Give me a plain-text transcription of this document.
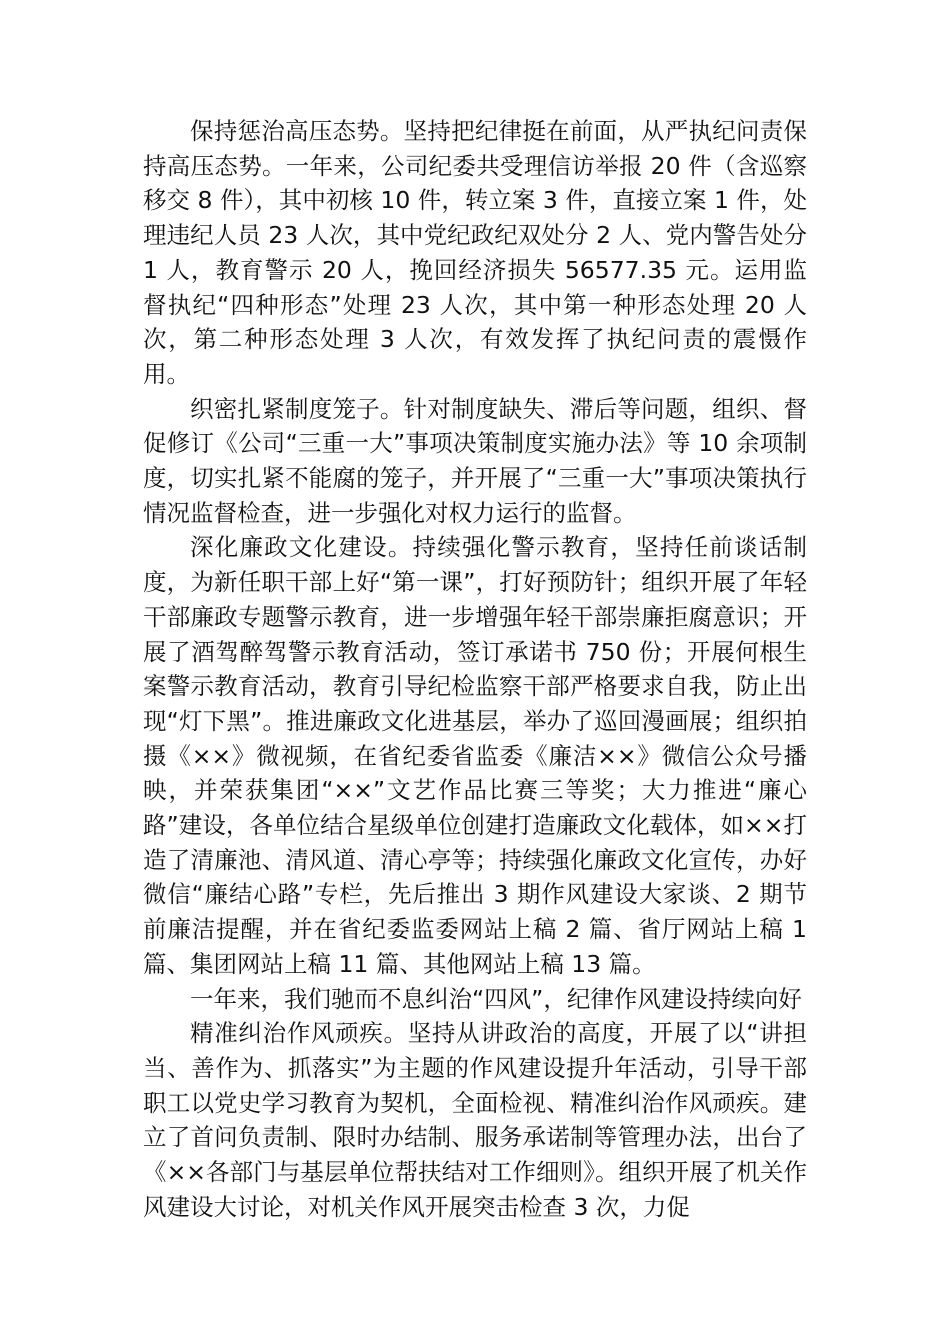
保持惩治高压态势。坚持把纪律挺在前面，从严执纪问责保持高压态势。一年来，公司纪委共受理信访举报 20 件（含巡察移交 8 件），其中初核 10 件，转立案 3 件，直接立案 1 件，处理违纪人员 23 人次，其中党纪政纪双处分 2 人、党内警告处分 1 人，教育警示 20 人，挽回经济损失 56577.35 元。运用监督执纪“四种形态”处理 23 人次，其中第一种形态处理 20 人次，第二种形态处理 3 人次，有效发挥了执纪问责的震慑作用。

织密扎紧制度笼子。针对制度缺失、滞后等问题，组织、督促修订《公司“三重一大”事项决策制度实施办法》等 10 余项制度，切实扎紧不能腐的笼子，并开展了“三重一大”事项决策执行情况监督检查，进一步强化对权力运行的监督。

深化廉政文化建设。持续强化警示教育，坚持任前谈话制度，为新任职干部上好“第一课”，打好预防针；组织开展了年轻干部廉政专题警示教育，进一步增强年轻干部崇廉拒腐意识；开展了酒驾醉驾警示教育活动，签订承诺书 750 份；开展何根生案警示教育活动，教育引导纪检监察干部严格要求自我，防止出现“灯下黑”。推进廉政文化进基层，举办了巡回漫画展；组织拍摄《××》微视频，在省纪委省监委《廉洁××》微信公众号播映，并荣获集团“××”文艺作品比赛三等奖；大力推进“廉心路”建设，各单位结合星级单位创建打造廉政文化载体，如××打造了清廉池、清风道、清心亭等；持续强化廉政文化宣传，办好微信“廉结心路”专栏，先后推出 3 期作风建设大家谈、2 期节前廉洁提醒，并在省纪委监委网站上稿 2 篇、省厅网站上稿 1 篇、集团网站上稿 11 篇、其他网站上稿 13 篇。

一年来，我们驰而不息纠治“四风”，纪律作风建设持续向好

精准纠治作风顽疾。坚持从讲政治的高度，开展了以“讲担当、善作为、抓落实”为主题的作风建设提升年活动，引导干部职工以党史学习教育为契机，全面检视、精准纠治作风顽疾。建立了首问负责制、限时办结制、服务承诺制等管理办法，出台了《××各部门与基层单位帮扶结对工作细则》。组织开展了机关作风建设大讨论，对机关作风开展突击检查 3 次，力促
